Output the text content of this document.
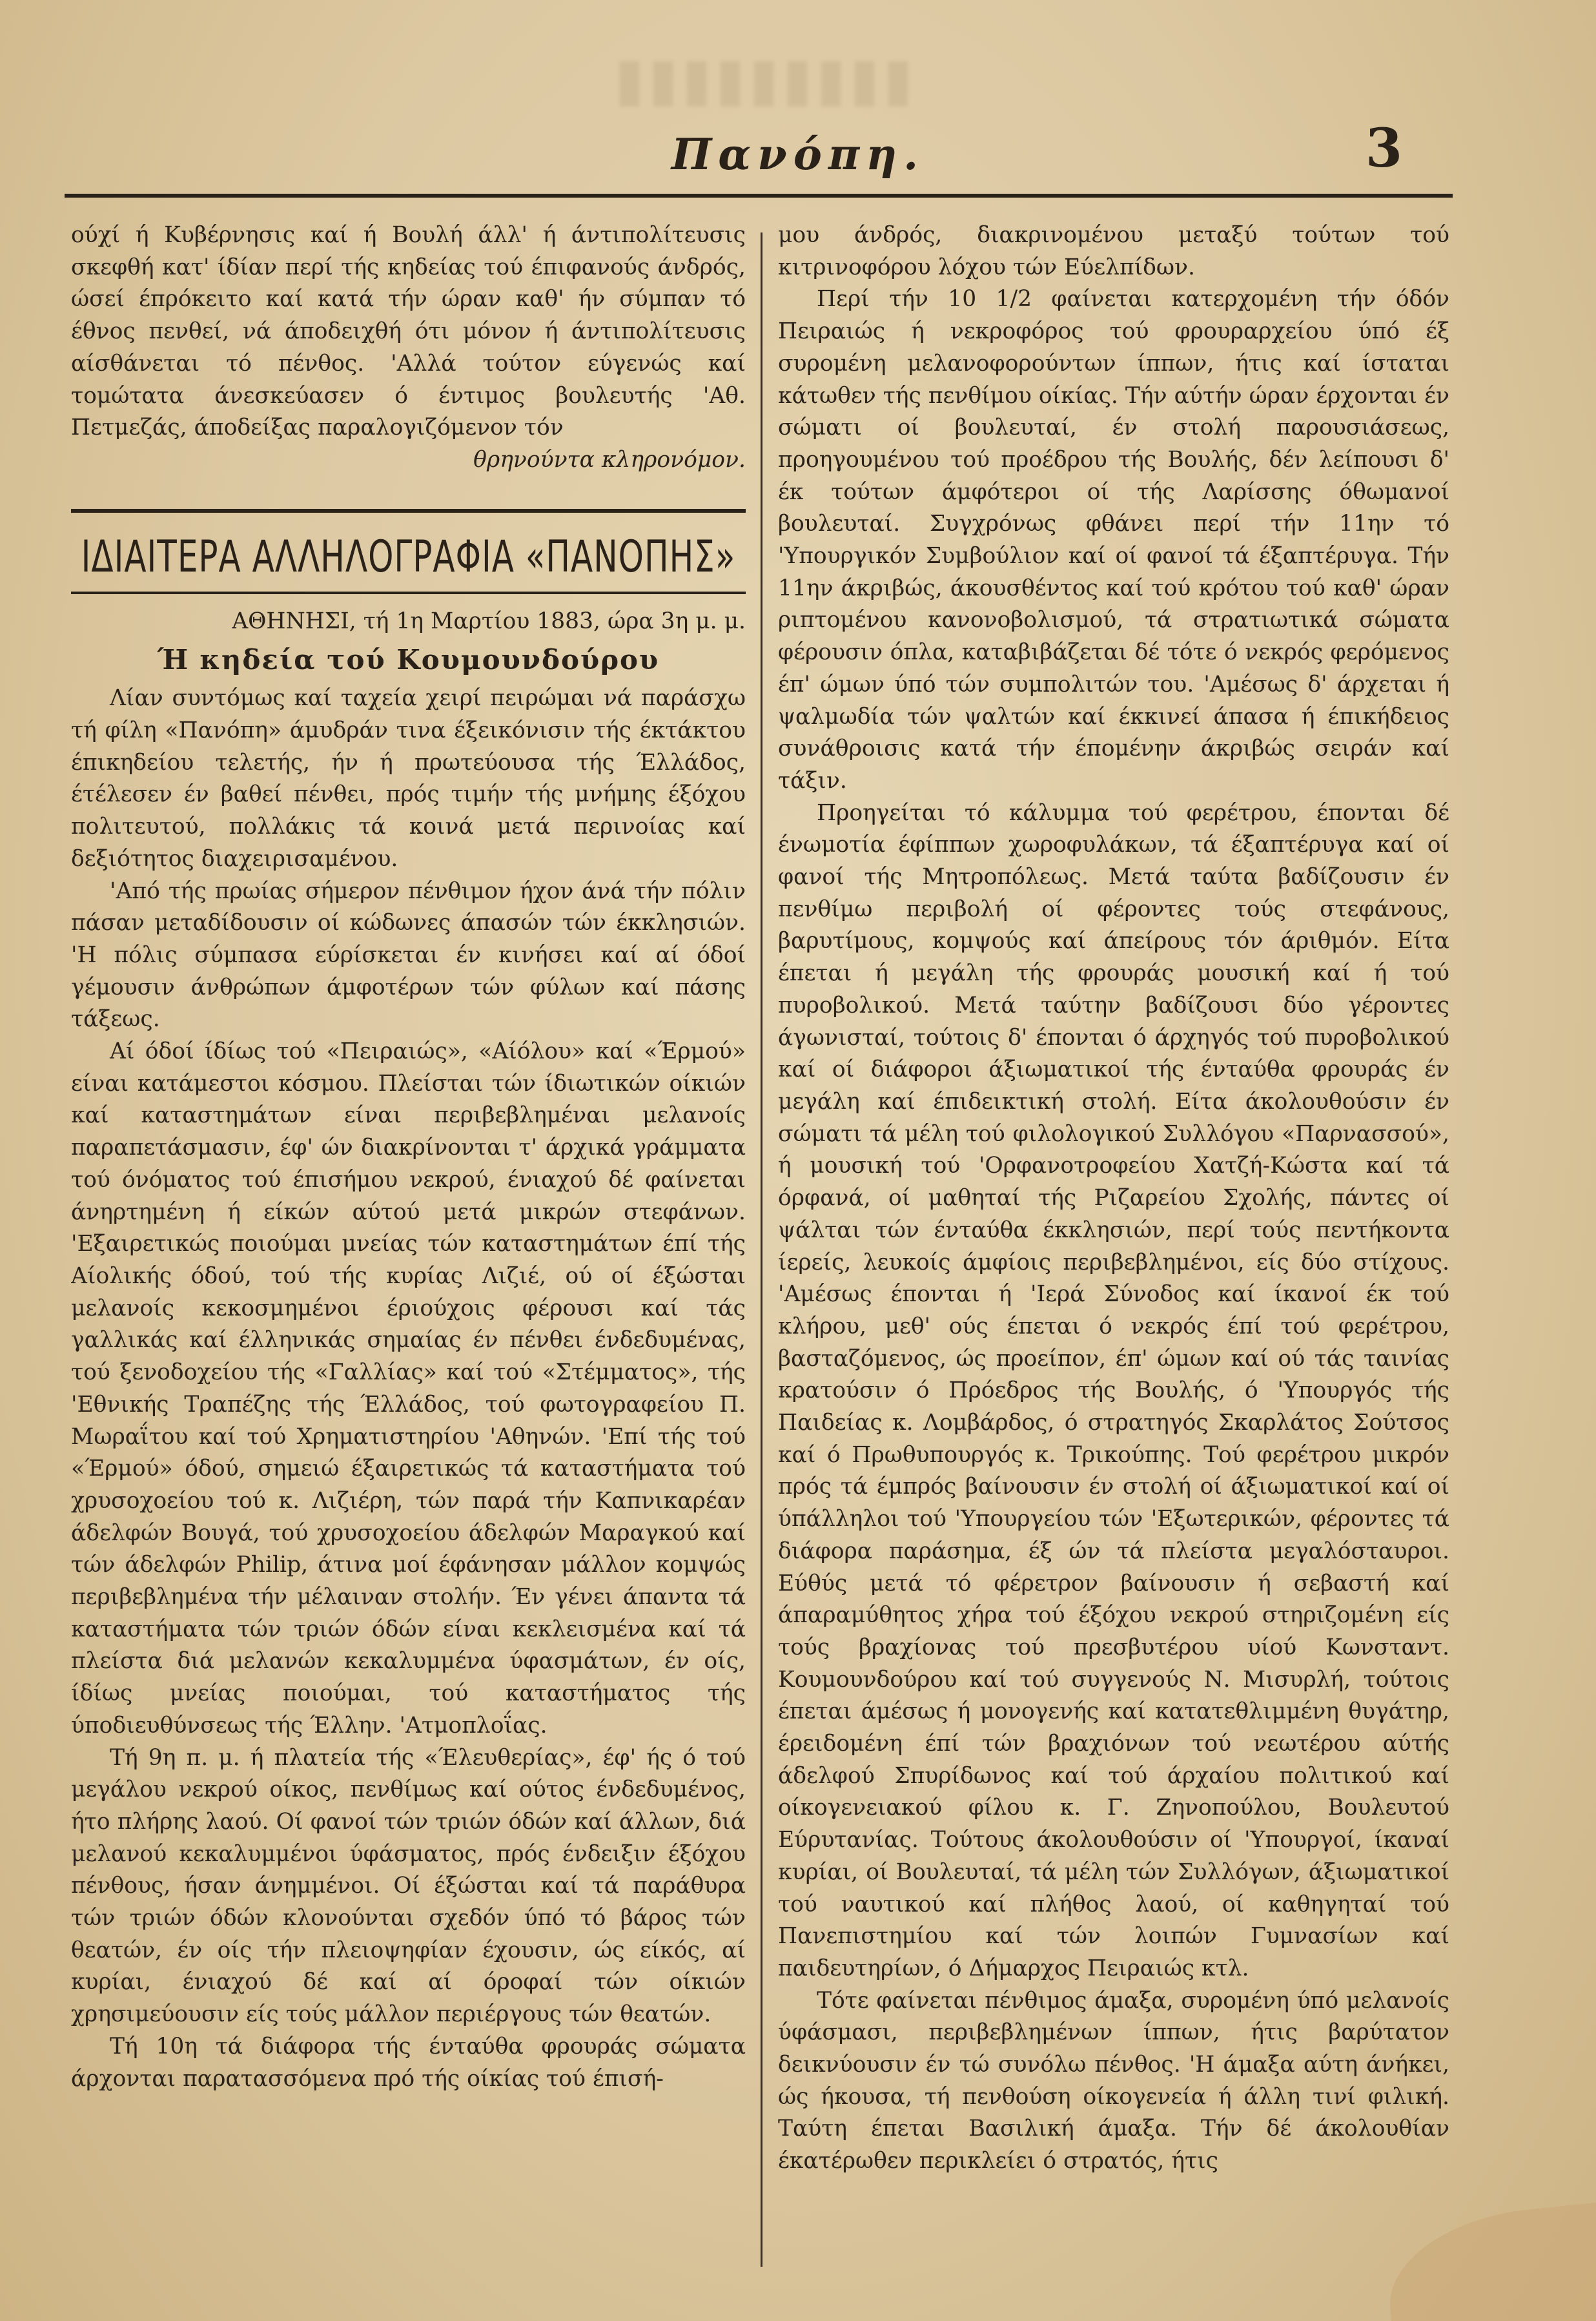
Πανόπη.	3

ούχί ή Κυβέρνησις καί ή Βουλή άλλ' ή άντιπολίτευσις σκεφθή κατ' ίδίαν περί τής κηδείας τού έπιφανούς άνδρός, ώσεί έπρόκειτο καί κατά τήν ώραν καθ' ήν σύμπαν τό έθνος πενθεί, νά άποδειχθή ότι μόνον ή άντιπολίτευσις αίσθάνεται τό πένθος. 'Αλλά τούτον εύγενώς καί τομώτατα άνεσκεύασεν ό έντιμος βουλευτής 'Αθ. Πετμεζάς, άποδείξας παραλογιζόμενον τόν

θρηνούντα κληρονόμον.

ΙΔΙΑΙΤΕΡΑ ΑΛΛΗΛΟΓΡΑΦΙΑ «ΠΑΝΟΠΗΣ»

ΑΘΗΝΗΣΙ, τή 1η Μαρτίου 1883, ώρα 3η μ. μ.

Ή κηδεία τού Κουμουνδούρου

Λίαν συντόμως καί ταχεία χειρί πειρώμαι νά παράσχω τή φίλη «Πανόπη» άμυδράν τινα έξεικόνισιν τής έκτάκτου έπικηδείου τελετής, ήν ή πρωτεύουσα τής Έλλάδος, έτέλεσεν έν βαθεί πένθει, πρός τιμήν τής μνήμης έξόχου πολιτευτού, πολλάκις τά κοινά μετά περινοίας καί δεξιότητος διαχειρισαμένου.

'Από τής πρωίας σήμερον πένθιμον ήχον άνά τήν πόλιν πάσαν μεταδίδουσιν οί κώδωνες άπασών τών έκκλησιών. 'Η πόλις σύμπασα εύρίσκεται έν κινήσει καί αί όδοί γέμουσιν άνθρώπων άμφοτέρων τών φύλων καί πάσης τάξεως.

Αί όδοί ίδίως τού «Πειραιώς», «Αίόλου» καί «Έρμού» είναι κατάμεστοι κόσμου. Πλείσται τών ίδιωτικών οίκιών καί καταστημάτων είναι περιβεβλημέναι μελανοίς παραπετάσμασιν, έφ' ών διακρίνονται τ' άρχικά γράμματα τού όνόματος τού έπισήμου νεκρού, ένιαχού δέ φαίνεται άνηρτημένη ή είκών αύτού μετά μικρών στεφάνων. 'Εξαιρετικώς ποιούμαι μνείας τών καταστημάτων έπί τής Αίολικής όδού, τού τής κυρίας Λιζιέ, ού οί έξώσται μελανοίς κεκοσμημένοι έριούχοις φέρουσι καί τάς γαλλικάς καί έλληνικάς σημαίας έν πένθει ένδεδυμένας, τού ξενοδοχείου τής «Γαλλίας» καί τού «Στέμματος», τής 'Εθνικής Τραπέζης τής Έλλάδος, τού φωτογραφείου Π. Μωραΐτου καί τού Χρηματιστηρίου 'Αθηνών. 'Επί τής τού «Έρμού» όδού, σημειώ έξαιρετικώς τά καταστήματα τού χρυσοχοείου τού κ. Λιζιέρη, τών παρά τήν Καπνικαρέαν άδελφών Βουγά, τού χρυσοχοείου άδελφών Μαραγκού καί τών άδελφών Philip, άτινα μοί έφάνησαν μάλλον κομψώς περιβεβλημένα τήν μέλαιναν στολήν. Έν γένει άπαντα τά καταστήματα τών τριών όδών είναι κεκλεισμένα καί τά πλείστα διά μελανών κεκαλυμμένα ύφασμάτων, έν οίς, ίδίως μνείας ποιούμαι, τού καταστήματος τής ύποδιευθύνσεως τής Έλλην. 'Ατμοπλοΐας.

Τή 9η π. μ. ή πλατεία τής «Έλευθερίας», έφ' ής ό τού μεγάλου νεκρού οίκος, πενθίμως καί ούτος ένδεδυμένος, ήτο πλήρης λαού. Οί φανοί τών τριών όδών καί άλλων, διά μελανού κεκαλυμμένοι ύφάσματος, πρός ένδειξιν έξόχου πένθους, ήσαν άνημμένοι. Οί έξώσται καί τά παράθυρα τών τριών όδών κλονούνται σχεδόν ύπό τό βάρος τών θεατών, έν οίς τήν πλειοψηφίαν έχουσιν, ώς είκός, αί κυρίαι, ένιαχού δέ καί αί όροφαί τών οίκιών χρησιμεύουσιν είς τούς μάλλον περιέργους τών θεατών.

Τή 10η τά διάφορα τής ένταύθα φρουράς σώματα άρχονται παρατασσόμενα πρό τής οίκίας τού έπισή-

μου άνδρός, διακρινομένου μεταξύ τούτων τού κιτρινοφόρου λόχου τών Εύελπίδων.

Περί τήν 10 1/2 φαίνεται κατερχομένη τήν όδόν Πειραιώς ή νεκροφόρος τού φρουραρχείου ύπό έξ συρομένη μελανοφορούντων ίππων, ήτις καί ίσταται κάτωθεν τής πενθίμου οίκίας. Τήν αύτήν ώραν έρχονται έν σώματι οί βουλευταί, έν στολή παρουσιάσεως, προηγουμένου τού προέδρου τής Βουλής, δέν λείπουσι δ' έκ τούτων άμφότεροι οί τής Λαρίσσης όθωμανοί βουλευταί. Συγχρόνως φθάνει περί τήν 11ην τό 'Υπουργικόν Συμβούλιον καί οί φανοί τά έξαπτέρυγα. Τήν 11ην άκριβώς, άκουσθέντος καί τού κρότου τού καθ' ώραν ριπτομένου κανονοβολισμού, τά στρατιωτικά σώματα φέρουσιν όπλα, καταβιβάζεται δέ τότε ό νεκρός φερόμενος έπ' ώμων ύπό τών συμπολιτών του. 'Αμέσως δ' άρχεται ή ψαλμωδία τών ψαλτών καί έκκινεί άπασα ή έπικήδειος συνάθροισις κατά τήν έπομένην άκριβώς σειράν καί τάξιν.

Προηγείται τό κάλυμμα τού φερέτρου, έπονται δέ ένωμοτία έφίππων χωροφυλάκων, τά έξαπτέρυγα καί οί φανοί τής Μητροπόλεως. Μετά ταύτα βαδίζουσιν έν πενθίμω περιβολή οί φέροντες τούς στεφάνους, βαρυτίμους, κομψούς καί άπείρους τόν άριθμόν. Είτα έπεται ή μεγάλη τής φρουράς μουσική καί ή τού πυροβολικού. Μετά ταύτην βαδίζουσι δύο γέροντες άγωνισταί, τούτοις δ' έπονται ό άρχηγός τού πυροβολικού καί οί διάφοροι άξιωματικοί τής ένταύθα φρουράς έν μεγάλη καί έπιδεικτική στολή. Είτα άκολουθούσιν έν σώματι τά μέλη τού φιλολογικού Συλλόγου «Παρνασσού», ή μουσική τού 'Ορφανοτροφείου Χατζή-Κώστα καί τά όρφανά, οί μαθηταί τής Ριζαρείου Σχολής, πάντες οί ψάλται τών ένταύθα έκκλησιών, περί τούς πεντήκοντα ίερείς, λευκοίς άμφίοις περιβεβλημένοι, είς δύο στίχους. 'Αμέσως έπονται ή 'Ιερά Σύνοδος καί ίκανοί έκ τού κλήρου, μεθ' ούς έπεται ό νεκρός έπί τού φερέτρου, βασταζόμενος, ώς προείπον, έπ' ώμων καί ού τάς ταινίας κρατούσιν ό Πρόεδρος τής Βουλής, ό 'Υπουργός τής Παιδείας κ. Λομβάρδος, ό στρατηγός Σκαρλάτος Σούτσος καί ό Πρωθυπουργός κ. Τρικούπης. Τού φερέτρου μικρόν πρός τά έμπρός βαίνουσιν έν στολή οί άξιωματικοί καί οί ύπάλληλοι τού 'Υπουργείου τών 'Εξωτερικών, φέροντες τά διάφορα παράσημα, έξ ών τά πλείστα μεγαλόσταυροι. Εύθύς μετά τό φέρετρον βαίνουσιν ή σεβαστή καί άπαραμύθητος χήρα τού έξόχου νεκρού στηριζομένη είς τούς βραχίονας τού πρεσβυτέρου υίού Κωνσταντ. Κουμουνδούρου καί τού συγγενούς Ν. Μισυρλή, τούτοις έπεται άμέσως ή μονογενής καί κατατεθλιμμένη θυγάτηρ, έρειδομένη έπί τών βραχιόνων τού νεωτέρου αύτής άδελφού Σπυρίδωνος καί τού άρχαίου πολιτικού καί οίκογενειακού φίλου κ. Γ. Ζηνοπούλου, Βουλευτού Εύρυτανίας. Τούτους άκολουθούσιν οί 'Υπουργοί, ίκαναί κυρίαι, οί Βουλευταί, τά μέλη τών Συλλόγων, άξιωματικοί τού ναυτικού καί πλήθος λαού, οί καθηγηταί τού Πανεπιστημίου καί τών λοιπών Γυμνασίων καί παιδευτηρίων, ό Δήμαρχος Πειραιώς κτλ.

Τότε φαίνεται πένθιμος άμαξα, συρομένη ύπό μελανοίς ύφάσμασι, περιβεβλημένων ίππων, ήτις βαρύτατον δεικνύουσιν έν τώ συνόλω πένθος. 'Η άμαξα αύτη άνήκει, ώς ήκουσα, τή πενθούση οίκογενεία ή άλλη τινί φιλική. Ταύτη έπεται Βασιλική άμαξα. Τήν δέ άκολουθίαν έκατέρωθεν περικλείει ό στρατός, ήτις
